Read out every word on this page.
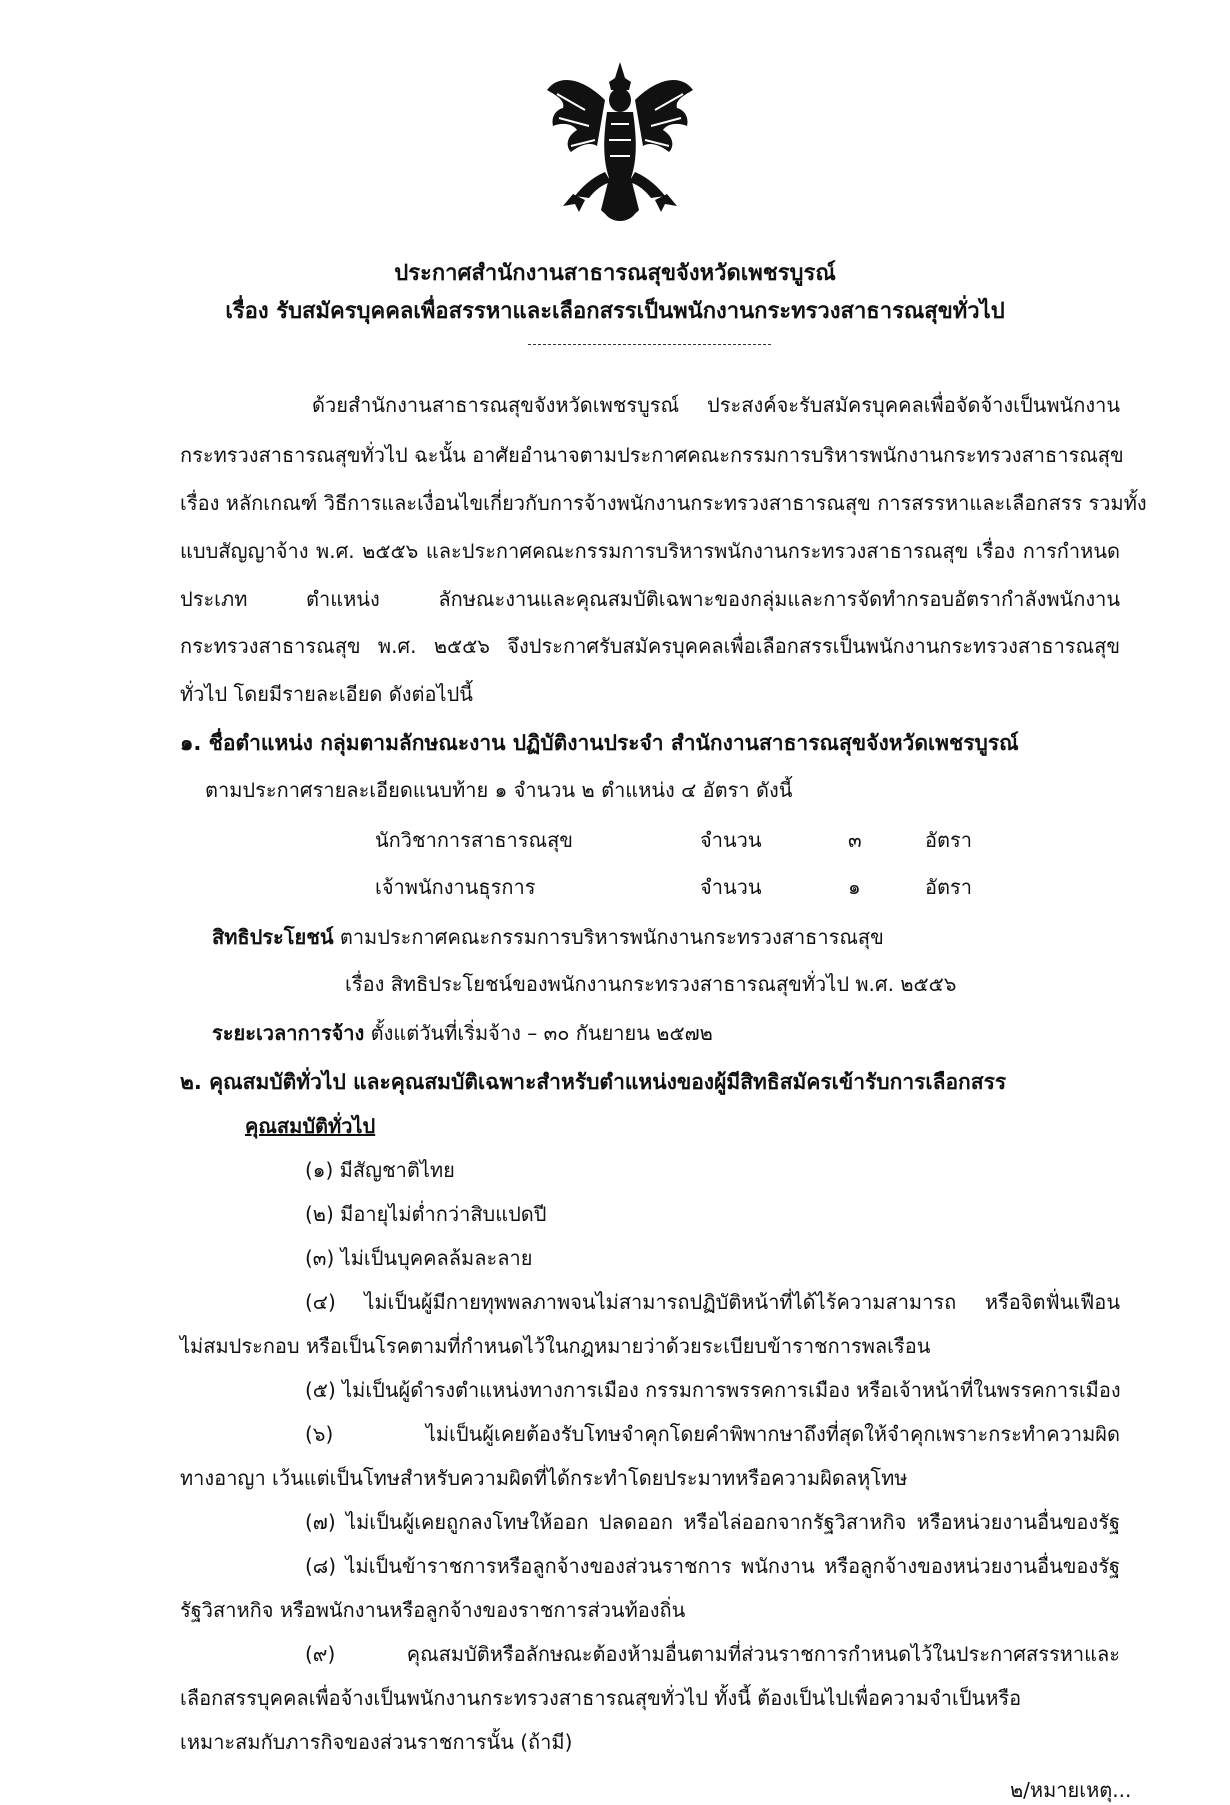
ประกาศสำนักงานสาธารณสุขจังหวัดเพชรบูรณ์
เรื่อง รับสมัครบุคคลเพื่อสรรหาและเลือกสรรเป็นพนักงานกระทรวงสาธารณสุขทั่วไป
ด้วยสำนักงานสาธารณสุขจังหวัดเพชรบูรณ์ ประสงค์จะรับสมัครบุคคลเพื่อจัดจ้างเป็นพนักงาน
กระทรวงสาธารณสุขทั่วไป ฉะนั้น อาศัยอำนาจตามประกาศคณะกรรมการบริหารพนักงานกระทรวงสาธารณสุข
เรื่อง หลักเกณฑ์ วิธีการและเงื่อนไขเกี่ยวกับการจ้างพนักงานกระทรวงสาธารณสุข การสรรหาและเลือกสรร รวมทั้ง
แบบสัญญาจ้าง พ.ศ. ๒๕๕๖ และประกาศคณะกรรมการบริหารพนักงานกระทรวงสาธารณสุข เรื่อง การกำหนด
ประเภท ตำแหน่ง ลักษณะงานและคุณสมบัติเฉพาะของกลุ่มและการจัดทำกรอบอัตรากำลังพนักงาน
กระทรวงสาธารณสุข พ.ศ. ๒๕๕๖ จึงประกาศรับสมัครบุคคลเพื่อเลือกสรรเป็นพนักงานกระทรวงสาธารณสุข
ทั่วไป โดยมีรายละเอียด ดังต่อไปนี้
๑. ชื่อตำแหน่ง กลุ่มตามลักษณะงาน ปฏิบัติงานประจำ สำนักงานสาธารณสุขจังหวัดเพชรบูรณ์
ตามประกาศรายละเอียดแนบท้าย ๑ จำนวน ๒ ตำแหน่ง ๔ อัตรา ดังนี้
นักวิชาการสาธารณสุข	จำนวน	๓	อัตรา
เจ้าพนักงานธุรการ	จำนวน	๑	อัตรา
สิทธิประโยชน์ ตามประกาศคณะกรรมการบริหารพนักงานกระทรวงสาธารณสุข
เรื่อง สิทธิประโยชน์ของพนักงานกระทรวงสาธารณสุขทั่วไป พ.ศ. ๒๕๕๖
ระยะเวลาการจ้าง ตั้งแต่วันที่เริ่มจ้าง – ๓๐ กันยายน ๒๕๗๒
๒. คุณสมบัติทั่วไป และคุณสมบัติเฉพาะสำหรับตำแหน่งของผู้มีสิทธิสมัครเข้ารับการเลือกสรร
คุณสมบัติทั่วไป
(๑) มีสัญชาติไทย
(๒) มีอายุไม่ต่ำกว่าสิบแปดปี
(๓) ไม่เป็นบุคคลล้มละลาย
(๔) ไม่เป็นผู้มีกายทุพพลภาพจนไม่สามารถปฏิบัติหน้าที่ได้ไร้ความสามารถ หรือจิตฟั่นเฟือน
ไม่สมประกอบ หรือเป็นโรคตามที่กำหนดไว้ในกฎหมายว่าด้วยระเบียบข้าราชการพลเรือน
(๕) ไม่เป็นผู้ดำรงตำแหน่งทางการเมือง กรรมการพรรคการเมือง หรือเจ้าหน้าที่ในพรรคการเมือง
(๖) ไม่เป็นผู้เคยต้องรับโทษจำคุกโดยคำพิพากษาถึงที่สุดให้จำคุกเพราะกระทำความผิด
ทางอาญา เว้นแต่เป็นโทษสำหรับความผิดที่ได้กระทำโดยประมาทหรือความผิดลหุโทษ
(๗) ไม่เป็นผู้เคยถูกลงโทษให้ออก ปลดออก หรือไล่ออกจากรัฐวิสาหกิจ หรือหน่วยงานอื่นของรัฐ
(๘) ไม่เป็นข้าราชการหรือลูกจ้างของส่วนราชการ พนักงาน หรือลูกจ้างของหน่วยงานอื่นของรัฐ
รัฐวิสาหกิจ หรือพนักงานหรือลูกจ้างของราชการส่วนท้องถิ่น
(๙) คุณสมบัติหรือลักษณะต้องห้ามอื่นตามที่ส่วนราชการกำหนดไว้ในประกาศสรรหาและ
เลือกสรรบุคคลเพื่อจ้างเป็นพนักงานกระทรวงสาธารณสุขทั่วไป ทั้งนี้ ต้องเป็นไปเพื่อความจำเป็นหรือ
เหมาะสมกับภารกิจของส่วนราชการนั้น (ถ้ามี)
๒/หมายเหตุ...
